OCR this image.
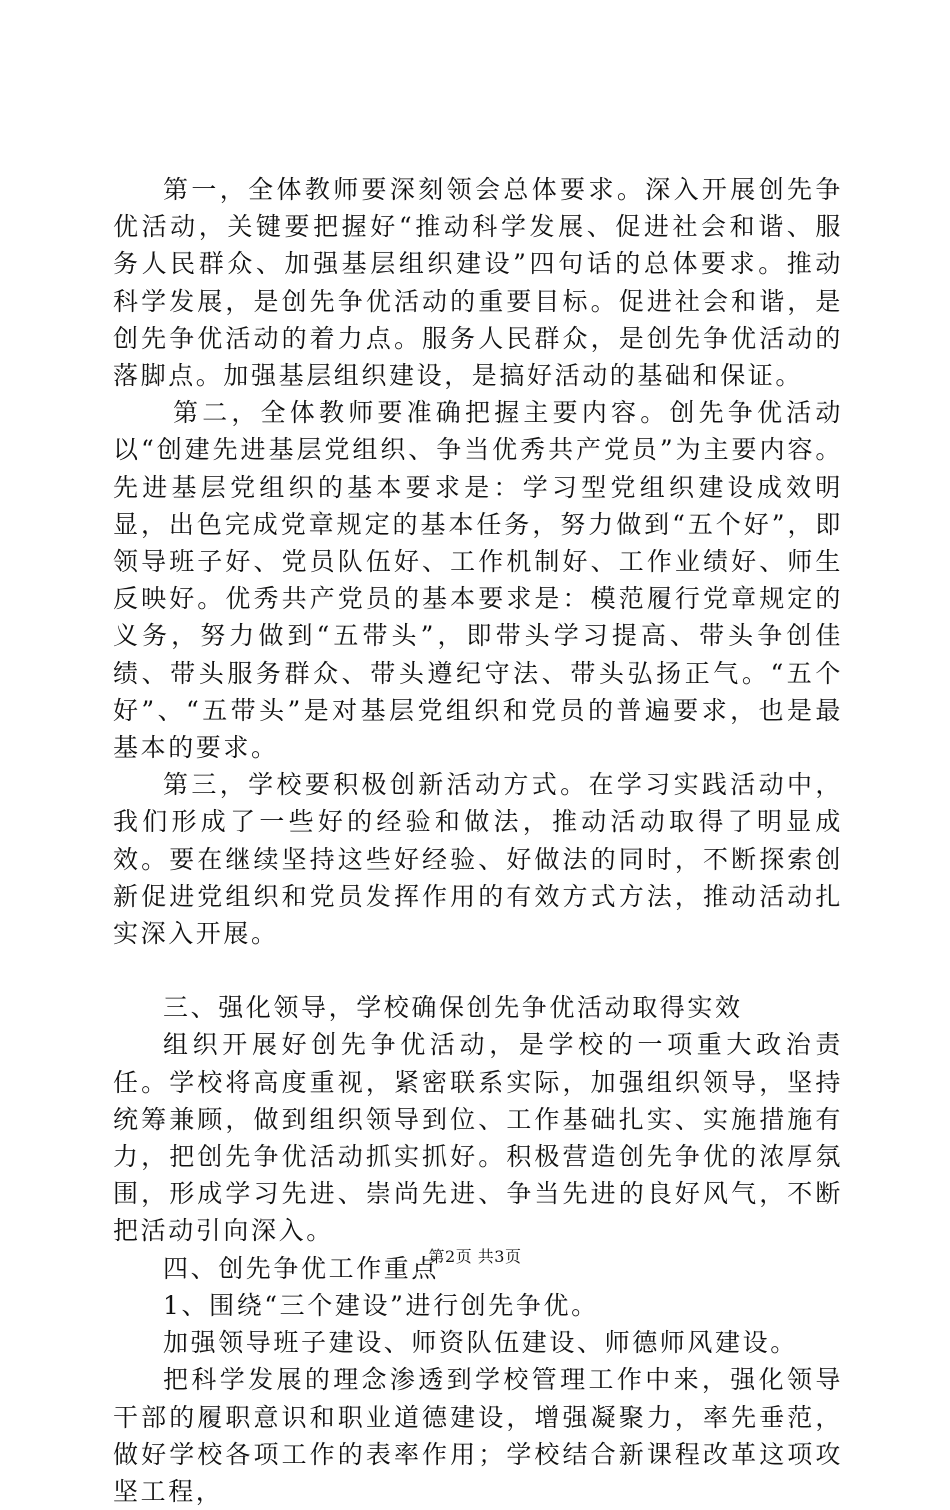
第一，全体教师要深刻领会总体要求。深入开展创先争优活动，关键要把握好“推动科学发展、促进社会和谐、服务人民群众、加强基层组织建设”四句话的总体要求。推动科学发展，是创先争优活动的重要目标。促进社会和谐，是创先争优活动的着力点。服务人民群众，是创先争优活动的落脚点。加强基层组织建设，是搞好活动的基础和保证。

第二，全体教师要准确把握主要内容。创先争优活动以“创建先进基层党组织、争当优秀共产党员”为主要内容。先进基层党组织的基本要求是：学习型党组织建设成效明显，出色完成党章规定的基本任务，努力做到“五个好”，即领导班子好、党员队伍好、工作机制好、工作业绩好、师生反映好。优秀共产党员的基本要求是：模范履行党章规定的义务，努力做到“五带头”，即带头学习提高、带头争创佳绩、带头服务群众、带头遵纪守法、带头弘扬正气。“五个好”、“五带头”是对基层党组织和党员的普遍要求，也是最基本的要求。

第三，学校要积极创新活动方式。在学习实践活动中，我们形成了一些好的经验和做法，推动活动取得了明显成效。要在继续坚持这些好经验、好做法的同时，不断探索创新促进党组织和党员发挥作用的有效方式方法，推动活动扎实深入开展。

三、强化领导，学校确保创先争优活动取得实效

组织开展好创先争优活动，是学校的一项重大政治责任。学校将高度重视，紧密联系实际，加强组织领导，坚持统筹兼顾，做到组织领导到位、工作基础扎实、实施措施有力，把创先争优活动抓实抓好。积极营造创先争优的浓厚氛围，形成学习先进、崇尚先进、争当先进的良好风气，不断把活动引向深入。

四、创先争优工作重点

1、围绕“三个建设”进行创先争优。

加强领导班子建设、师资队伍建设、师德师风建设。

把科学发展的理念渗透到学校管理工作中来，强化领导干部的履职意识和职业道德建设，增强凝聚力，率先垂范，做好学校各项工作的表率作用；学校结合新课程改革这项攻坚工程，

第2页 共3页
